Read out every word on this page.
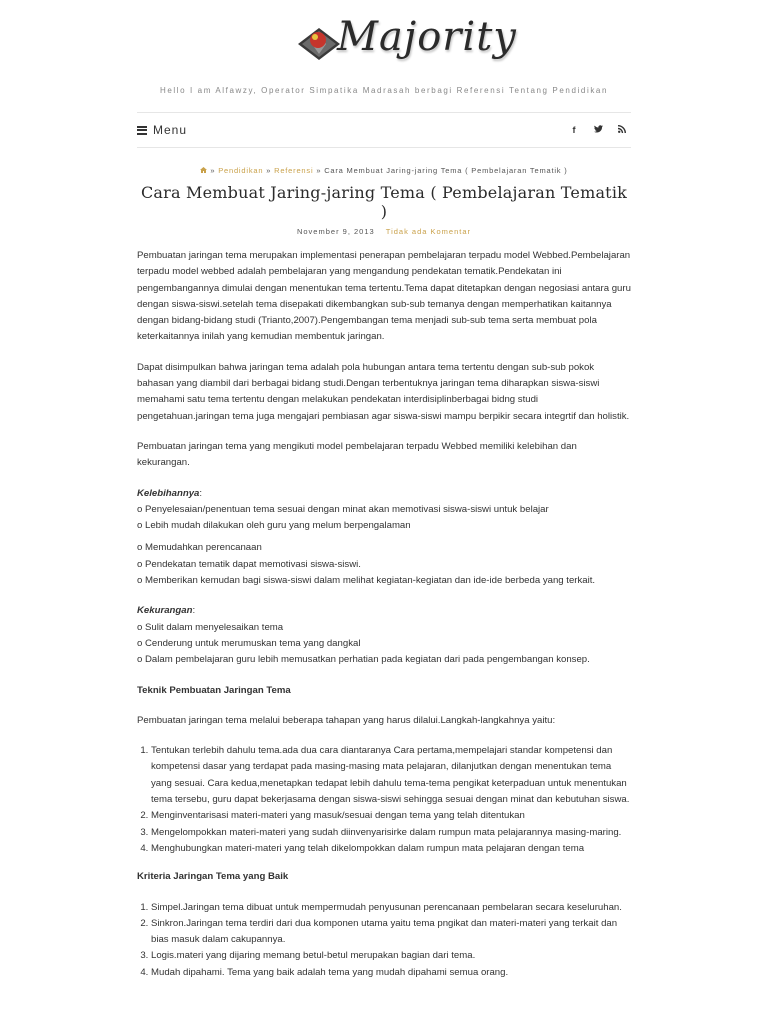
Majority
Hello I am Alfawzy, Operator Simpatika Madrasah berbagi Referensi Tentang Pendidikan
Menu	f
» Pendidikan » Referensi » Cara Membuat Jaring-jaring Tema ( Pembelajaran Tematik )
Cara Membuat Jaring-jaring Tema ( Pembelajaran Tematik )
November 9, 2013 Tidak ada Komentar

Pembuatan jaringan tema merupakan implementasi penerapan pembelajaran terpadu model Webbed.Pembelajaran terpadu model webbed adalah pembelajaran yang mengandung pendekatan tematik.Pendekatan ini pengembangannya dimulai dengan menentukan tema tertentu.Tema dapat ditetapkan dengan negosiasi antara guru dengan siswa-siswi.setelah tema disepakati dikembangkan sub-sub temanya dengan memperhatikan kaitannya dengan bidang-bidang studi (Trianto,2007).Pengembangan tema menjadi sub-sub tema serta membuat pola keterkaitannya inilah yang kemudian membentuk jaringan.

Dapat disimpulkan bahwa jaringan tema adalah pola hubungan antara tema tertentu dengan sub-sub pokok bahasan yang diambil dari berbagai bidang studi.Dengan terbentuknya jaringan tema diharapkan siswa-siswi memahami satu tema tertentu dengan melakukan pendekatan interdisiplinberbagai bidng studi pengetahuan.jaringan tema juga mengajari pembiasan agar siswa-siswi mampu berpikir secara integrtif dan holistik.

Pembuatan jaringan tema yang mengikuti model pembelajaran terpadu Webbed memiliki kelebihan dan kekurangan.

Kelebihannya:
o Penyelesaian/penentuan tema sesuai dengan minat akan memotivasi siswa-siswi untuk belajar
o Lebih mudah dilakukan oleh guru yang melum berpengalaman

o Memudahkan perencanaan
o Pendekatan tematik dapat memotivasi siswa-siswi.
o Memberikan kemudan bagi siswa-siswi dalam melihat kegiatan-kegiatan dan ide-ide berbeda yang terkait.

Kekurangan:
o Sulit dalam menyelesaikan tema
o Cenderung untuk merumuskan tema yang dangkal
o Dalam pembelajaran guru lebih memusatkan perhatian pada kegiatan dari pada pengembangan konsep.

Teknik Pembuatan Jaringan Tema

Pembuatan jaringan tema melalui beberapa tahapan yang harus dilalui.Langkah-langkahnya yaitu:

1. Tentukan terlebih dahulu tema.ada dua cara diantaranya Cara pertama,mempelajari standar kompetensi dan kompetensi dasar yang terdapat pada masing-masing mata pelajaran, dilanjutkan dengan menentukan tema yang sesuai. Cara kedua,menetapkan tedapat lebih dahulu tema-tema pengikat keterpaduan untuk menentukan tema tersebu, guru dapat bekerjasama dengan siswa-siswi sehingga sesuai dengan minat dan kebutuhan siswa.
2. Menginventarisasi materi-materi yang masuk/sesuai dengan tema yang telah ditentukan
3. Mengelompokkan materi-materi yang sudah diinvenyarisirke dalam rumpun mata pelajarannya masing-maring.
4. Menghubungkan materi-materi yang telah dikelompokkan dalam rumpun mata pelajaran dengan tema

Kriteria Jaringan Tema yang Baik

1. Simpel.Jaringan tema dibuat untuk mempermudah penyusunan perencanaan pembelaran secara keseluruhan.
2. Sinkron.Jaringan tema terdiri dari dua komponen utama yaitu tema pngikat dan materi-materi yang terkait dan bias masuk dalam cakupannya.
3. Logis.materi yang dijaring memang betul-betul merupakan bagian dari tema.
4. Mudah dipahami. Tema yang baik adalah tema yang mudah dipahami semua orang.
